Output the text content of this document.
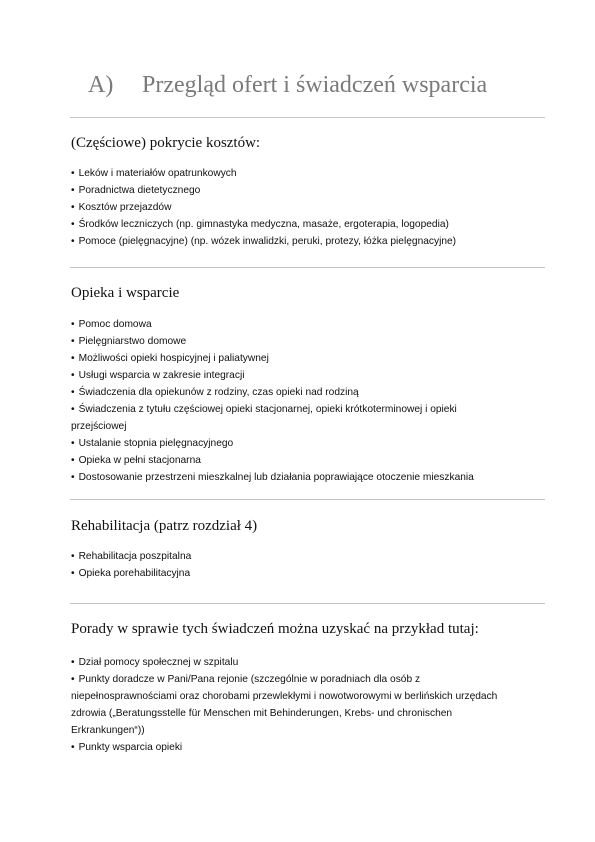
A) Przegląd ofert i świadczeń wsparcia
(Częściowe) pokrycie kosztów:
• Leków i materiałów opatrunkowych
• Poradnictwa dietetycznego
• Kosztów przejazdów
• Środków leczniczych (np. gimnastyka medyczna, masaże, ergoterapia, logopedia)
• Pomoce (pielęgnacyjne) (np. wózek inwalidzki, peruki, protezy, łóżka pielęgnacyjne)
Opieka i wsparcie
• Pomoc domowa
• Pielęgniarstwo domowe
• Możliwości opieki hospicyjnej i paliatywnej
• Usługi wsparcia w zakresie integracji
• Świadczenia dla opiekunów z rodziny, czas opieki nad rodziną
• Świadczenia z tytułu częściowej opieki stacjonarnej, opieki krótkoterminowej i opieki przejściowej
• Ustalanie stopnia pielęgnacyjnego
• Opieka w pełni stacjonarna
• Dostosowanie przestrzeni mieszkalnej lub działania poprawiające otoczenie mieszkania
Rehabilitacja (patrz rozdział 4)
• Rehabilitacja poszpitalna
• Opieka porehabilitacyjna
Porady w sprawie tych świadczeń można uzyskać na przykład tutaj:
• Dział pomocy społecznej w szpitalu
• Punkty doradcze w Pani/Pana rejonie (szczególnie w poradniach dla osób z niepełnosprawnościami oraz chorobami przewlekłymi i nowotworowymi w berlińskich urzędach zdrowia („Beratungsstelle für Menschen mit Behinderungen, Krebs- und chronischen Erkrankungen“))
• Punkty wsparcia opieki
